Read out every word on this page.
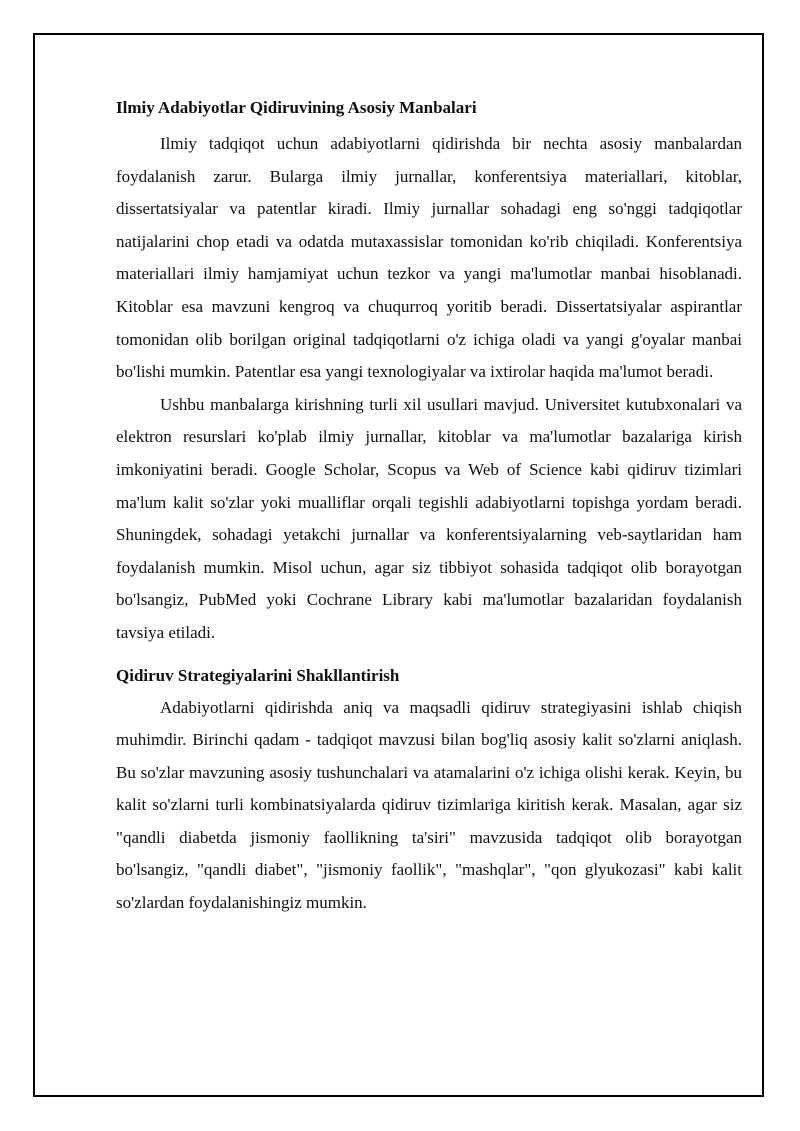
Ilmiy Adabiyotlar Qidiruvining Asosiy Manbalari

Ilmiy tadqiqot uchun adabiyotlarni qidirishda bir nechta asosiy manbalardan foydalanish zarur. Bularga ilmiy jurnallar, konferentsiya materiallari, kitoblar, dissertatsiyalar va patentlar kiradi. Ilmiy jurnallar sohadagi eng so'nggi tadqiqotlar natijalarini chop etadi va odatda mutaxassislar tomonidan ko'rib chiqiladi. Konferentsiya materiallari ilmiy hamjamiyat uchun tezkor va yangi ma'lumotlar manbai hisoblanadi. Kitoblar esa mavzuni kengroq va chuqurroq yoritib beradi. Dissertatsiyalar aspirantlar tomonidan olib borilgan original tadqiqotlarni o'z ichiga oladi va yangi g'oyalar manbai bo'lishi mumkin. Patentlar esa yangi texnologiyalar va ixtirolar haqida ma'lumot beradi.

Ushbu manbalarga kirishning turli xil usullari mavjud. Universitet kutubxonalari va elektron resurslari ko'plab ilmiy jurnallar, kitoblar va ma'lumotlar bazalariga kirish imkoniyatini beradi. Google Scholar, Scopus va Web of Science kabi qidiruv tizimlari ma'lum kalit so'zlar yoki mualliflar orqali tegishli adabiyotlarni topishga yordam beradi. Shuningdek, sohadagi yetakchi jurnallar va konferentsiyalarning veb-saytlaridan ham foydalanish mumkin. Misol uchun, agar siz tibbiyot sohasida tadqiqot olib borayotgan bo'lsangiz, PubMed yoki Cochrane Library kabi ma'lumotlar bazalaridan foydalanish tavsiya etiladi.

Qidiruv Strategiyalarini Shakllantirish

Adabiyotlarni qidirishda aniq va maqsadli qidiruv strategiyasini ishlab chiqish muhimdir. Birinchi qadam - tadqiqot mavzusi bilan bog'liq asosiy kalit so'zlarni aniqlash. Bu so'zlar mavzuning asosiy tushunchalari va atamalarini o'z ichiga olishi kerak. Keyin, bu kalit so'zlarni turli kombinatsiyalarda qidiruv tizimlariga kiritish kerak. Masalan, agar siz "qandli diabetda jismoniy faollikning ta'siri" mavzusida tadqiqot olib borayotgan bo'lsangiz, "qandli diabet", "jismoniy faollik", "mashqlar", "qon glyukozasi" kabi kalit so'zlardan foydalanishingiz mumkin.
